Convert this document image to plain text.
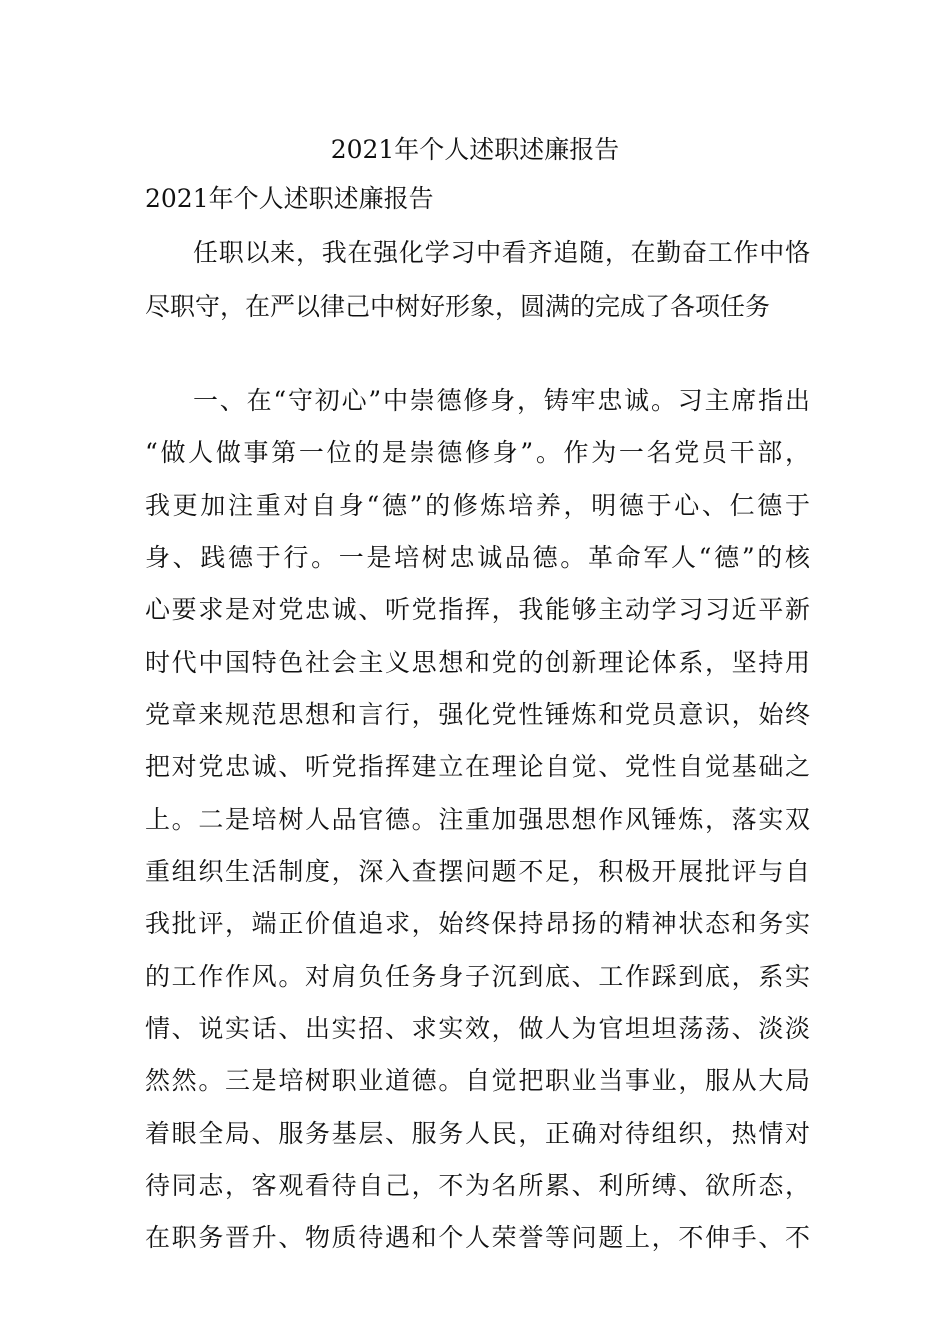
2021年个人述职述廉报告
2021年个人述职述廉报告
任职以来，我在强化学习中看齐追随，在勤奋工作中恪
尽职守，在严以律己中树好形象，圆满的完成了各项任务
一、在“守初心”中崇德修身，铸牢忠诚。习主席指出
“做人做事第一位的是崇德修身”。作为一名党员干部，
我更加注重对自身“德”的修炼培养，明德于心、仁德于
身、践德于行。一是培树忠诚品德。革命军人“德”的核
心要求是对党忠诚、听党指挥，我能够主动学习习近平新
时代中国特色社会主义思想和党的创新理论体系，坚持用
党章来规范思想和言行，强化党性锤炼和党员意识，始终
把对党忠诚、听党指挥建立在理论自觉、党性自觉基础之
上。二是培树人品官德。注重加强思想作风锤炼，落实双
重组织生活制度，深入查摆问题不足，积极开展批评与自
我批评，端正价值追求，始终保持昂扬的精神状态和务实
的工作作风。对肩负任务身子沉到底、工作踩到底，系实
情、说实话、出实招、求实效，做人为官坦坦荡荡、淡淡
然然。三是培树职业道德。自觉把职业当事业，服从大局
着眼全局、服务基层、服务人民，正确对待组织，热情对
待同志，客观看待自己，不为名所累、利所缚、欲所态，
在职务晋升、物质待遇和个人荣誉等问题上，不伸手、不
